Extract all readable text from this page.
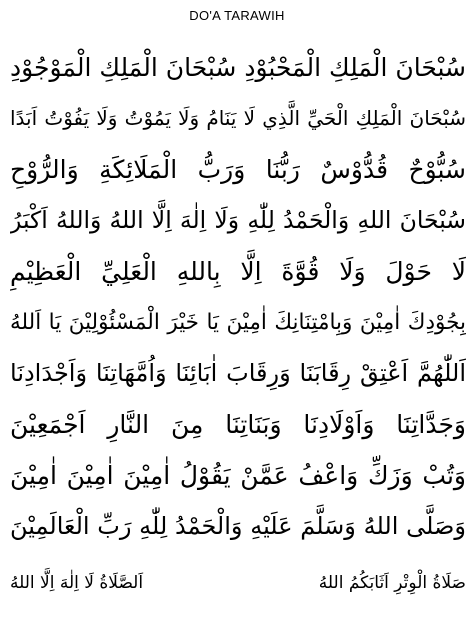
DO'A TARAWIH
سُبْحَانَ الْمَلِكِ الْمَحْبُوْدِ سُبْحَانَ الْمَلِكِ الْمَوْجُوْدِ
سُبْحَانَ الْمَلِكِ الْحَيِّ الَّذِي لَا يَنَامُ وَلَا يَمُوْتُ وَلَا يَفُوْتُ اَبَدًا
سُبُّوْحٌ قُدُّوْسٌ رَبُّنَا وَرَبُّ الْمَلَائِكَةِ وَالرُّوْحِ
سُبْحَانَ اللهِ وَالْحَمْدُ لِلّٰهِ وَلَا اِلٰهَ اِلَّا اللهُ وَاللهُ اَكْبَرُ
لَا حَوْلَ وَلَا قُوَّةَ اِلَّا بِاللهِ الْعَلِيِّ الْعَظِيْمِ
بِجُوْدِكَ اٰمِيْنَ وَبِامْتِنَانِكَ اٰمِيْنَ يَا خَيْرَ الْمَسْئُوْلِيْنَ يَا اَللهُ
اَللّٰهُمَّ اَعْتِقْ رِقَابَنَا وَرِقَابَ اٰبَائِنَا وَاُمَّهَاتِنَا وَاَجْدَادِنَا
وَجَدَّاتِنَا وَاَوْلَادِنَا وَبَنَاتِنَا مِنَ النَّارِ اَجْمَعِيْنَ
وَتُبْ وَزَكِّ وَاعْفُ عَمَّنْ يَقُوْلُ اٰمِيْنَ اٰمِيْنَ اٰمِيْنَ
وَصَلَّى اللهُ وَسَلَّمَ عَلَيْهِ وَالْحَمْدُ لِلّٰهِ رَبِّ الْعَالَمِيْنَ
صَلَاةُ الْوِتْرِ اَثَابَكُمُ اللهُ
اَلصَّلَاةُ لَا اِلٰهَ اِلَّا اللهُ
